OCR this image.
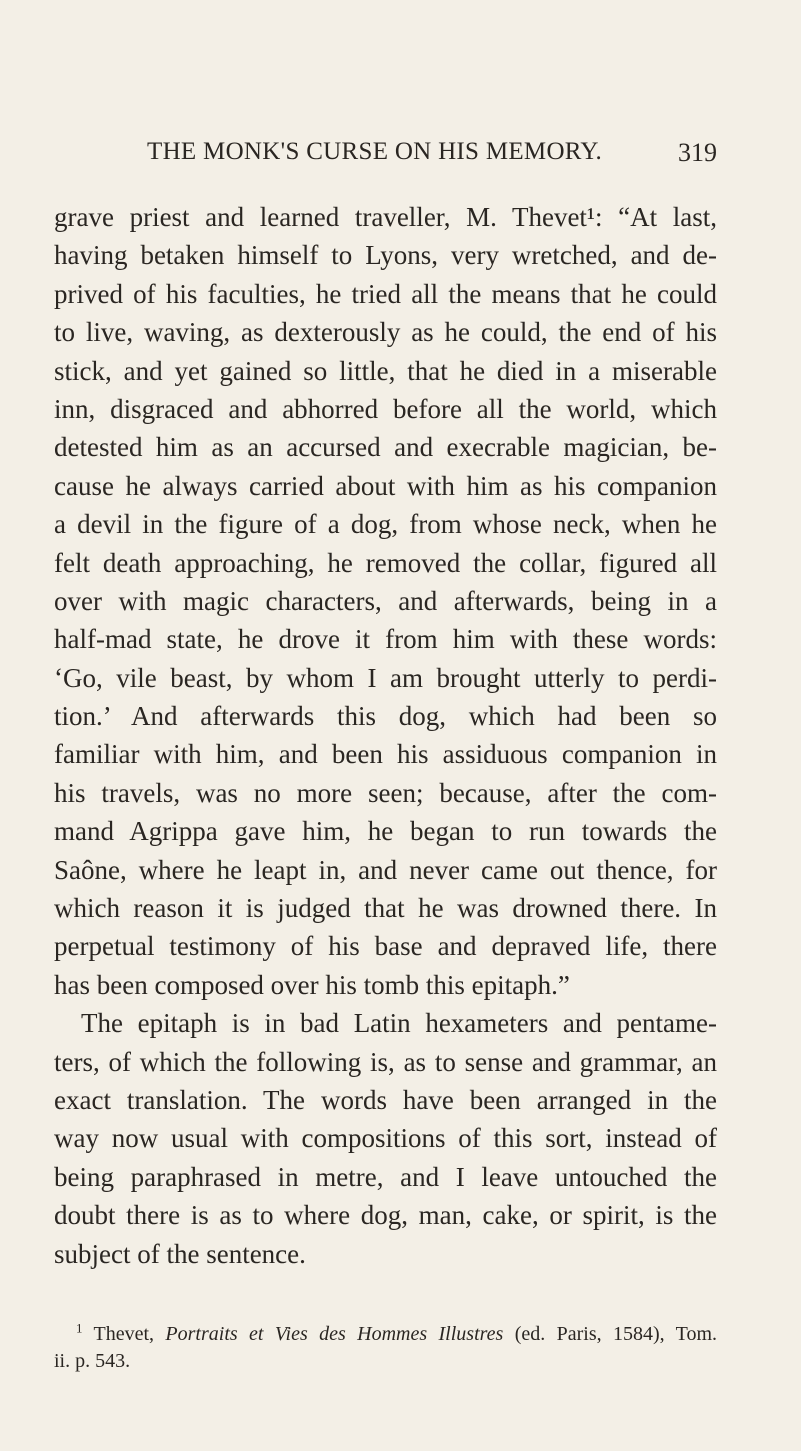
THE MONK'S CURSE ON HIS MEMORY.	319
grave priest and learned traveller, M. Thevet¹: “At last,
having betaken himself to Lyons, very wretched, and de-
prived of his faculties, he tried all the means that he could
to live, waving, as dexterously as he could, the end of his
stick, and yet gained so little, that he died in a miserable
inn, disgraced and abhorred before all the world, which
detested him as an accursed and execrable magician, be-
cause he always carried about with him as his companion
a devil in the figure of a dog, from whose neck, when he
felt death approaching, he removed the collar, figured all
over with magic characters, and afterwards, being in a
half-mad state, he drove it from him with these words:
‘Go, vile beast, by whom I am brought utterly to perdi-
tion.’ And afterwards this dog, which had been so
familiar with him, and been his assiduous companion in
his travels, was no more seen; because, after the com-
mand Agrippa gave him, he began to run towards the
Saône, where he leapt in, and never came out thence, for
which reason it is judged that he was drowned there. In
perpetual testimony of his base and depraved life, there
has been composed over his tomb this epitaph.”
The epitaph is in bad Latin hexameters and pentame-
ters, of which the following is, as to sense and grammar, an
exact translation. The words have been arranged in the
way now usual with compositions of this sort, instead of
being paraphrased in metre, and I leave untouched the
doubt there is as to where dog, man, cake, or spirit, is the
subject of the sentence.
$^1$ Thevet, Portraits et Vies des Hommes Illustres (ed. Paris, 1584), Tom.
ii. p. 543.
